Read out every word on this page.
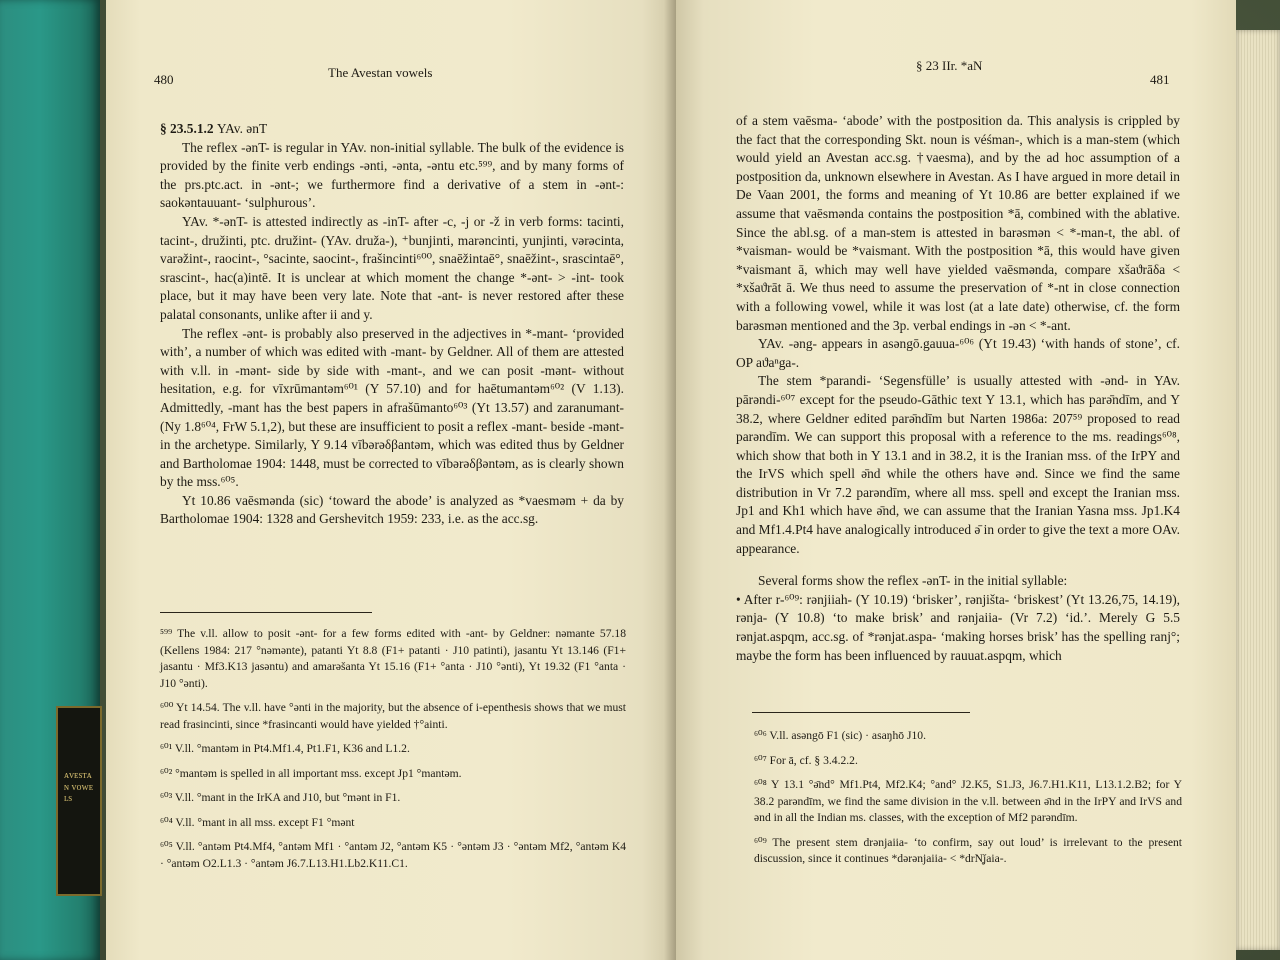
ᴀᴠᴇsᴛᴀɴ ᴠᴏᴡᴇʟs
480	The Avestan vowels

§ 23.5.1.2 YAv. ənT

The reflex -ənT- is regular in YAv. non-initial syllable. The bulk of the evidence is provided by the finite verb endings -ənti, -ənta, -əntu etc.⁵⁹⁹, and by many forms of the prs.ptc.act. in -ənt-; we furthermore find a derivative of a stem in -ənt-: saokəntauuant- ‘sulphurous’.

YAv. *-ənT- is attested indirectly as -inT- after -c, -j or -ž in verb forms: tacinti, tacint-, družinti, ptc. družint- (YAv. druža-), ⁺bunjinti, marəncinti, yunjinti, vərəcinta, varəžint-, raocint-, °sacinte, saocint-, frašincinti⁶⁰⁰, snaēžintaē°, snaēžint-, srascintaē°, srascint-, hac(a)intē. It is unclear at which moment the change *-ənt- > -int- took place, but it may have been very late. Note that -ant- is never restored after these palatal consonants, unlike after ii and y.

The reflex -ənt- is probably also preserved in the adjectives in *-mant- ‘provided with’, a number of which was edited with -mant- by Geldner. All of them are attested with v.ll. in -mənt- side by side with -mant-, and we can posit -mənt- without hesitation, e.g. for vīxrūmantəm⁶⁰¹ (Y 57.10) and for haētumantəm⁶⁰² (V 1.13). Admittedly, -mant has the best papers in afrašūmanto⁶⁰³ (Yt 13.57) and zaranumant- (Ny 1.8⁶⁰⁴, FrW 5.1,2), but these are insufficient to posit a reflex -mant- beside -mənt- in the archetype. Similarly, Y 9.14 vībərəδβantəm, which was edited thus by Geldner and Bartholomae 1904: 1448, must be corrected to vībərəδβəntəm, as is clearly shown by the mss.⁶⁰⁵.

Yt 10.86 vaēsmənda (sic) ‘toward the abode’ is analyzed as *vaesməm + da by Bartholomae 1904: 1328 and Gershevitch 1959: 233, i.e. as the acc.sg.

⁵⁹⁹ The v.ll. allow to posit -ənt- for a few forms edited with -ant- by Geldner: nəmante 57.18 (Kellens 1984: 217 °nəmənte), patanti Yt 8.8 (F1+ patanti · J10 patinti), jasantu Yt 13.146 (F1+ jasantu · Mf3.K13 jasəntu) and amarəšanta Yt 15.16 (F1+ °anta · J10 °ənti), Yt 19.32 (F1 °anta · J10 °ənti).

⁶⁰⁰ Yt 14.54. The v.ll. have °ənti in the majority, but the absence of i-epenthesis shows that we must read frasincinti, since *frasincanti would have yielded †°ainti.

⁶⁰¹ V.ll. °mantəm in Pt4.Mf1.4, Pt1.F1, K36 and L1.2.

⁶⁰² °mantəm is spelled in all important mss. except Jp1 °mantəm.

⁶⁰³ V.ll. °mant in the IrKA and J10, but °mənt in F1.

⁶⁰⁴ V.ll. °mant in all mss. except F1 °mənt

⁶⁰⁵ V.ll. °antəm Pt4.Mf4, °antəm Mf1 · °antəm J2, °antəm K5 · °əntəm J3 · °əntəm Mf2, °antəm K4 · °antəm O2.L1.3 · °antəm J6.7.L13.H1.Lb2.K11.C1.

§ 23 IIr. *aN
481

of a stem vaēsma- ‘abode’ with the postposition da. This analysis is crippled by the fact that the corresponding Skt. noun is véśman-, which is a man-stem (which would yield an Avestan acc.sg. †vaesma), and by the ad hoc assumption of a postposition da, unknown elsewhere in Avestan. As I have argued in more detail in De Vaan 2001, the forms and meaning of Yt 10.86 are better explained if we assume that vaēsmənda contains the postposition *ā, combined with the ablative. Since the abl.sg. of a man-stem is attested in barəsmən < *-man-t, the abl. of *vaisman- would be *vaismant. With the postposition *ā, this would have given *vaismant ā, which may well have yielded vaēsmənda, compare xšaϑrāδa < *xšaϑrāt ā. We thus need to assume the preservation of *-nt in close connection with a following vowel, while it was lost (at a late date) otherwise, cf. the form barəsmən mentioned and the 3p. verbal endings in -ən < *-ant.

YAv. -əng- appears in asəngō.gauua-⁶⁰⁶ (Yt 19.43) ‘with hands of stone’, cf. OP aϑaⁿga-.

The stem *parandi- ‘Segensfülle’ is usually attested with -ənd- in YAv. pārəndi-⁶⁰⁷ except for the pseudo-Gāthic text Y 13.1, which has parə̄ndīm, and Y 38.2, where Geldner edited parə̄ndīm but Narten 1986a: 207⁵⁹ proposed to read parəndīm. We can support this proposal with a reference to the ms. readings⁶⁰⁸, which show that both in Y 13.1 and in 38.2, it is the Iranian mss. of the IrPY and the IrVS which spell ə̄nd while the others have ənd. Since we find the same distribution in Vr 7.2 parəndīm, where all mss. spell ənd except the Iranian mss. Jp1 and Kh1 which have ə̄nd, we can assume that the Iranian Yasna mss. Jp1.K4 and Mf1.4.Pt4 have analogically introduced ə̄ in order to give the text a more OAv. appearance.

Several forms show the reflex -ənT- in the initial syllable:

• After r-⁶⁰⁹: rənjiiah- (Y 10.19) ‘brisker’, rənjišta- ‘briskest’ (Yt 13.26,75, 14.19), rənja- (Y 10.8) ‘to make brisk’ and rənjaiia- (Vr 7.2) ‘id.’. Merely G 5.5 rənjat.aspqm, acc.sg. of *rənjat.aspa- ‘making horses brisk’ has the spelling ranj°; maybe the form has been influenced by rauuat.aspqm, which

⁶⁰⁶ V.ll. asəngō F1 (sic) · asaŋhō J10.

⁶⁰⁷ For ā, cf. § 3.4.2.2.

⁶⁰⁸ Y 13.1 °ə̄nd° Mf1.Pt4, Mf2.K4; °and° J2.K5, S1.J3, J6.7.H1.K11, L13.1.2.B2; for Y 38.2 parəndīm, we find the same division in the v.ll. between ə̄nd in the IrPY and IrVS and ənd in all the Indian ms. classes, with the exception of Mf2 parəndīm.

⁶⁰⁹ The present stem drənjaiia- ‘to confirm, say out loud’ is irrelevant to the present discussion, since it continues *dərənjaiia- < *drN̥ǰaia-.
